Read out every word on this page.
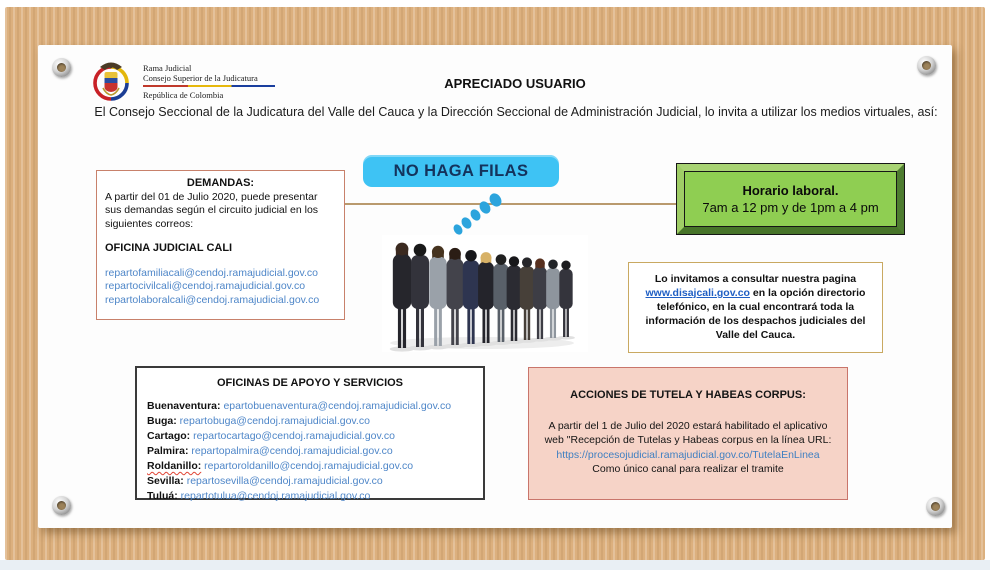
Rama Judicial
Consejo Superior de la Judicatura
República de Colombia
APRECIADO USUARIO
El Consejo Seccional de la Judicatura del Valle del Cauca y la Dirección Seccional de Administración Judicial, lo invita a utilizar los medios virtuales, así:
DEMANDAS:
A partir del 01 de Julio 2020, puede presentar sus demandas según el circuito judicial en los siguientes correos:
OFICINA JUDICIAL CALI
repartofamiliacali@cendoj.ramajudicial.gov.co
repartocivilcali@cendoj.ramajudicial.gov.co
repartolaboralcali@cendoj.ramajudicial.gov.co
NO HAGA FILAS
Horario laboral.
7am a 12 pm y de 1pm a 4 pm
Lo invitamos a consultar nuestra pagina www.disajcali.gov.co en la opción directorio telefónico, en la cual encontrará toda la información de los despachos judiciales del Valle del Cauca.
OFICINAS DE APOYO Y SERVICIOS
Buenaventura: epartobuenaventura@cendoj.ramajudicial.gov.co
Buga: repartobuga@cendoj.ramajudicial.gov.co
Cartago: repartocartago@cendoj.ramajudicial.gov.co
Palmira: repartopalmira@cendoj.ramajudicial.gov.co
Roldanillo: repartoroldanillo@cendoj.ramajudicial.gov.co
Sevilla: repartosevilla@cendoj.ramajudicial.gov.co
Tuluá: repartotulua@cendoj.ramajudicial.gov.co
ACCIONES DE TUTELA Y HABEAS CORPUS:
A partir del 1 de Julio del 2020 estará habilitado el aplicativo web "Recepción de Tutelas y Habeas corpus en la línea URL:
https://procesojudicial.ramajudicial.gov.co/TutelaEnLinea
Como único canal para realizar el tramite
